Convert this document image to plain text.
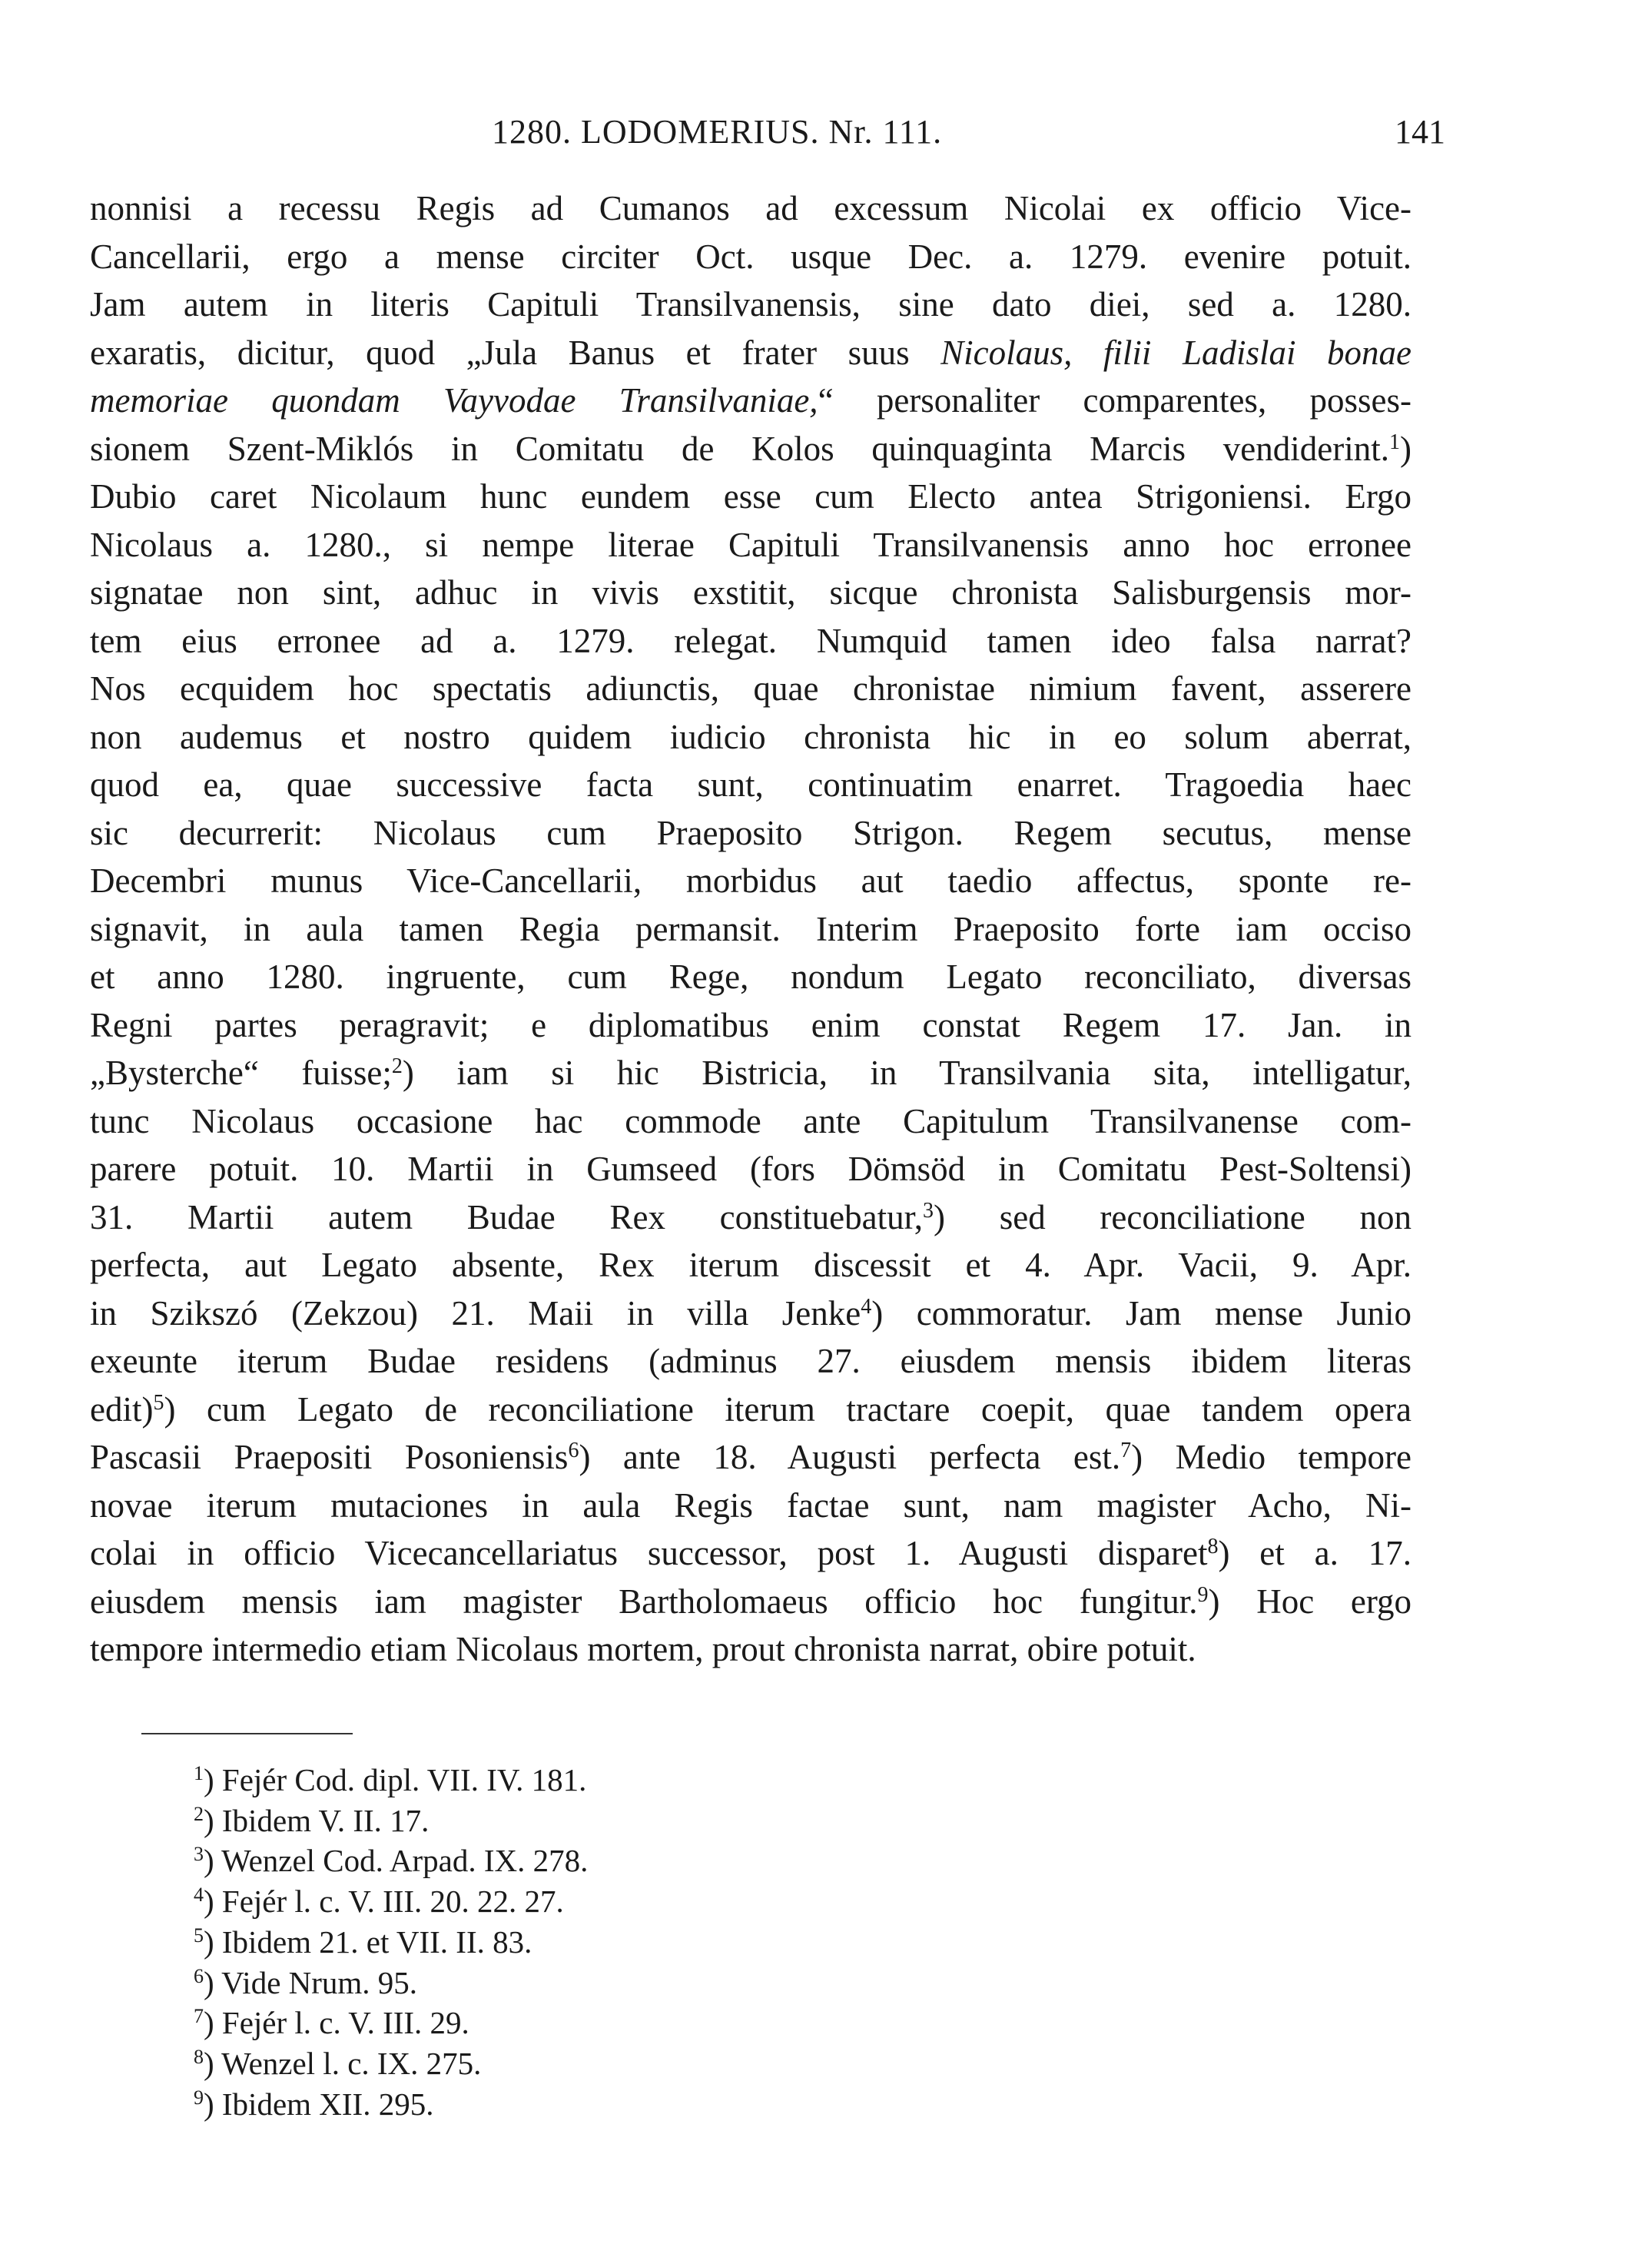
1280. LODOMERIUS. Nr. 111.	141
nonnisi a recessu Regis ad Cumanos ad excessum Nicolai ex officio Vice-
Cancellarii, ergo a mense circiter Oct. usque Dec. a. 1279. evenire potuit.
Jam autem in literis Capituli Transilvanensis, sine dato diei, sed a. 1280.
exaratis, dicitur, quod „Jula Banus et frater suus Nicolaus, filii Ladislai bonae
memoriae quondam Vayvodae Transilvaniae,“ personaliter comparentes, posses-
sionem Szent-Miklós in Comitatu de Kolos quinquaginta Marcis vendiderint.$^1$)
Dubio caret Nicolaum hunc eundem esse cum Electo antea Strigoniensi. Ergo
Nicolaus a. 1280., si nempe literae Capituli Transilvanensis anno hoc erronee
signatae non sint, adhuc in vivis exstitit, sicque chronista Salisburgensis mor-
tem eius erronee ad a. 1279. relegat. Numquid tamen ideo falsa narrat?
Nos ecquidem hoc spectatis adiunctis, quae chronistae nimium favent, asserere
non audemus et nostro quidem iudicio chronista hic in eo solum aberrat,
quod ea, quae successive facta sunt, continuatim enarret. Tragoedia haec
sic decurrerit: Nicolaus cum Praeposito Strigon. Regem secutus, mense
Decembri munus Vice-Cancellarii, morbidus aut taedio affectus, sponte re-
signavit, in aula tamen Regia permansit. Interim Praeposito forte iam occiso
et anno 1280. ingruente, cum Rege, nondum Legato reconciliato, diversas
Regni partes peragravit; e diplomatibus enim constat Regem 17. Jan. in
„Bysterche“ fuisse;$^2$) iam si hic Bistricia, in Transilvania sita, intelligatur,
tunc Nicolaus occasione hac commode ante Capitulum Transilvanense com-
parere potuit. 10. Martii in Gumseed (fors Dömsöd in Comitatu Pest-Soltensi)
31. Martii autem Budae Rex constituebatur,$^3$) sed reconciliatione non
perfecta, aut Legato absente, Rex iterum discessit et 4. Apr. Vacii, 9. Apr.
in Szikszó (Zekzou) 21. Maii in villa Jenke$^4$) commoratur. Jam mense Junio
exeunte iterum Budae residens (adminus 27. eiusdem mensis ibidem literas
edit)$^5$) cum Legato de reconciliatione iterum tractare coepit, quae tandem opera
Pascasii Praepositi Posoniensis$^6$) ante 18. Augusti perfecta est.$^7$) Medio tempore
novae iterum mutaciones in aula Regis factae sunt, nam magister Acho, Ni-
colai in officio Vicecancellariatus successor, post 1. Augusti disparet$^8$) et a. 17.
eiusdem mensis iam magister Bartholomaeus officio hoc fungitur.$^9$) Hoc ergo
tempore intermedio etiam Nicolaus mortem, prout chronista narrat, obire potuit.
$^1$) Fejér Cod. dipl. VII. IV. 181.
$^2$) Ibidem V. II. 17.
$^3$) Wenzel Cod. Arpad. IX. 278.
$^4$) Fejér l. c. V. III. 20. 22. 27.
$^5$) Ibidem 21. et VII. II. 83.
$^6$) Vide Nrum. 95.
$^7$) Fejér l. c. V. III. 29.
$^8$) Wenzel l. c. IX. 275.
$^9$) Ibidem XII. 295.
